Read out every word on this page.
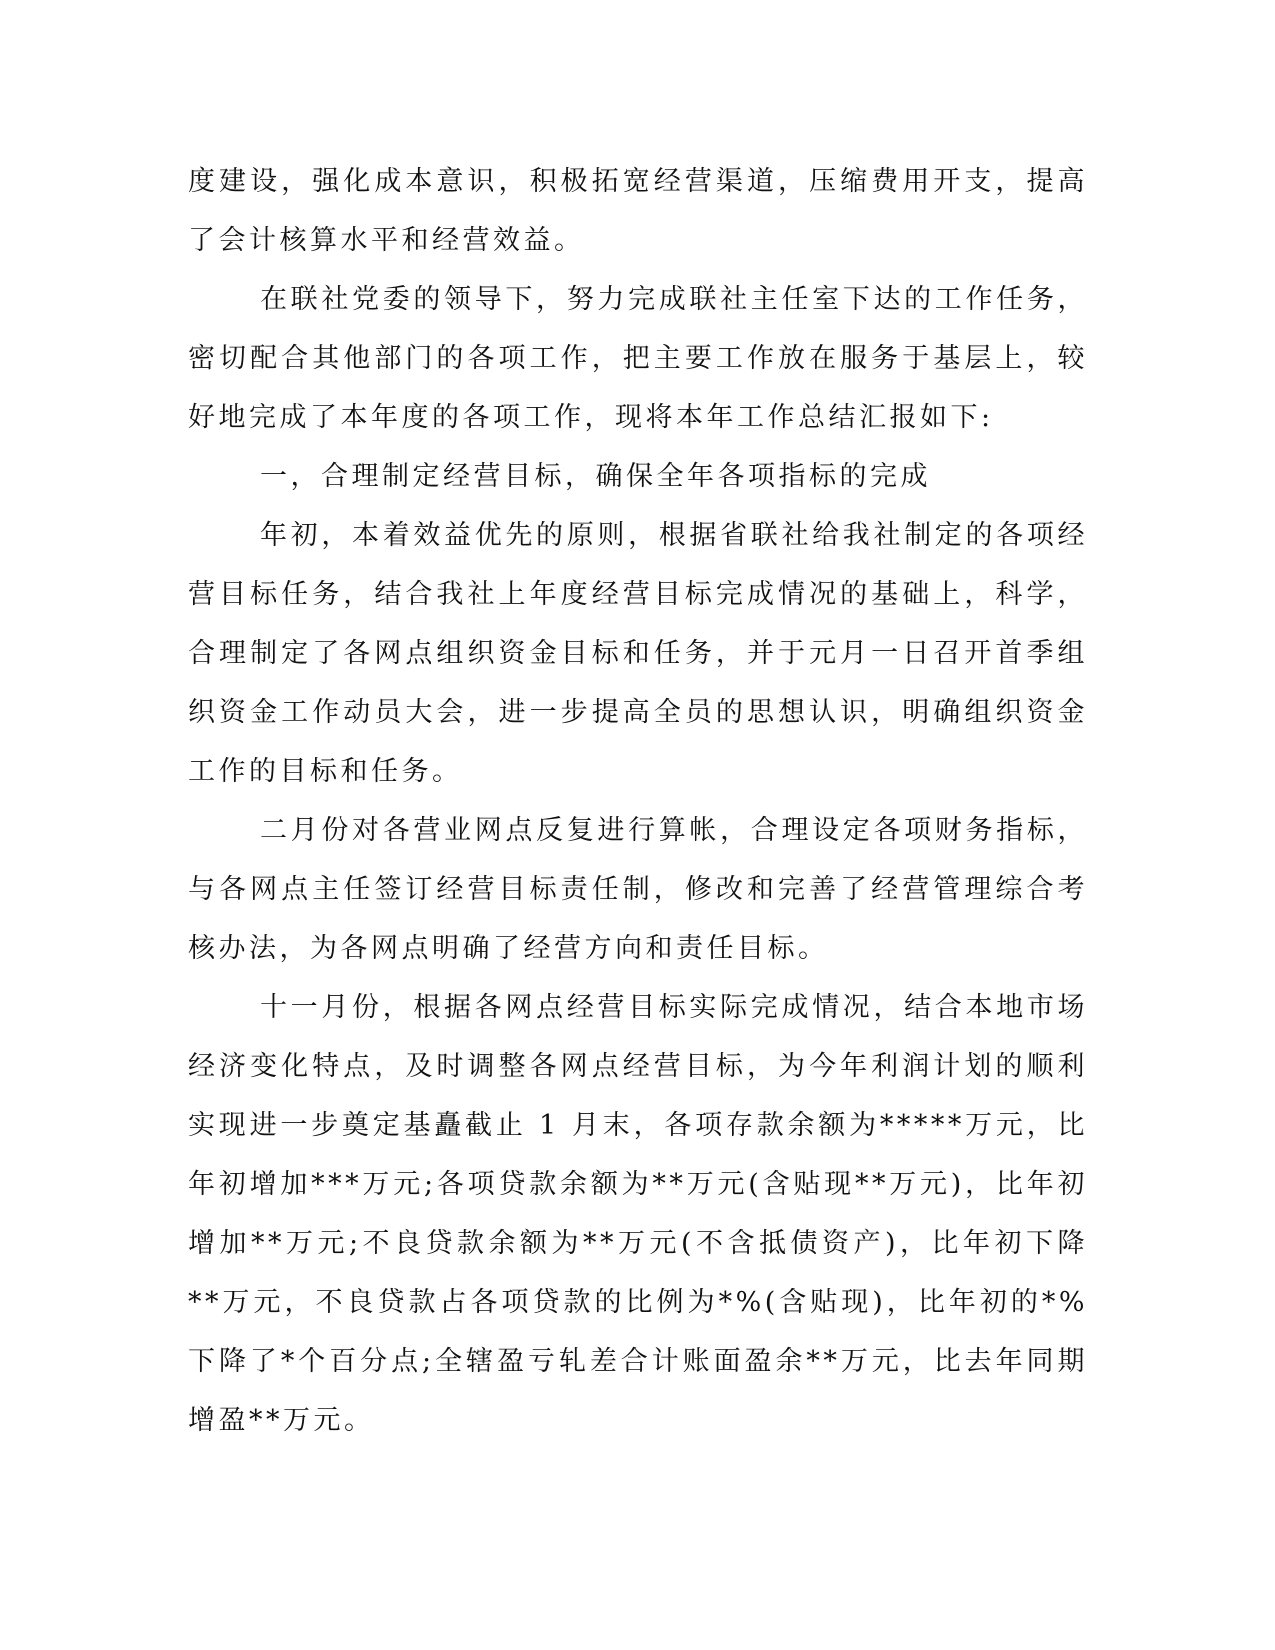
度建设，强化成本意识，积极拓宽经营渠道，压缩费用开支，提高了会计核算水平和经营效益。

在联社党委的领导下，努力完成联社主任室下达的工作任务，密切配合其他部门的各项工作，把主要工作放在服务于基层上，较好地完成了本年度的各项工作，现将本年工作总结汇报如下:

一，合理制定经营目标，确保全年各项指标的完成

年初，本着效益优先的原则，根据省联社给我社制定的各项经营目标任务，结合我社上年度经营目标完成情况的基础上，科学，合理制定了各网点组织资金目标和任务，并于元月一日召开首季组织资金工作动员大会，进一步提高全员的思想认识，明确组织资金工作的目标和任务。

二月份对各营业网点反复进行算帐，合理设定各项财务指标，与各网点主任签订经营目标责任制，修改和完善了经营管理综合考核办法，为各网点明确了经营方向和责任目标。

十一月份，根据各网点经营目标实际完成情况，结合本地市场经济变化特点，及时调整各网点经营目标，为今年利润计划的顺利实现进一步奠定基矗截止 1 月末，各项存款余额为*****万元，比年初增加***万元;各项贷款余额为**万元(含贴现**万元)，比年初增加**万元;不良贷款余额为**万元(不含抵债资产)，比年初下降**万元，不良贷款占各项贷款的比例为*%(含贴现)，比年初的*%下降了*个百分点;全辖盈亏轧差合计账面盈余**万元，比去年同期增盈**万元。
